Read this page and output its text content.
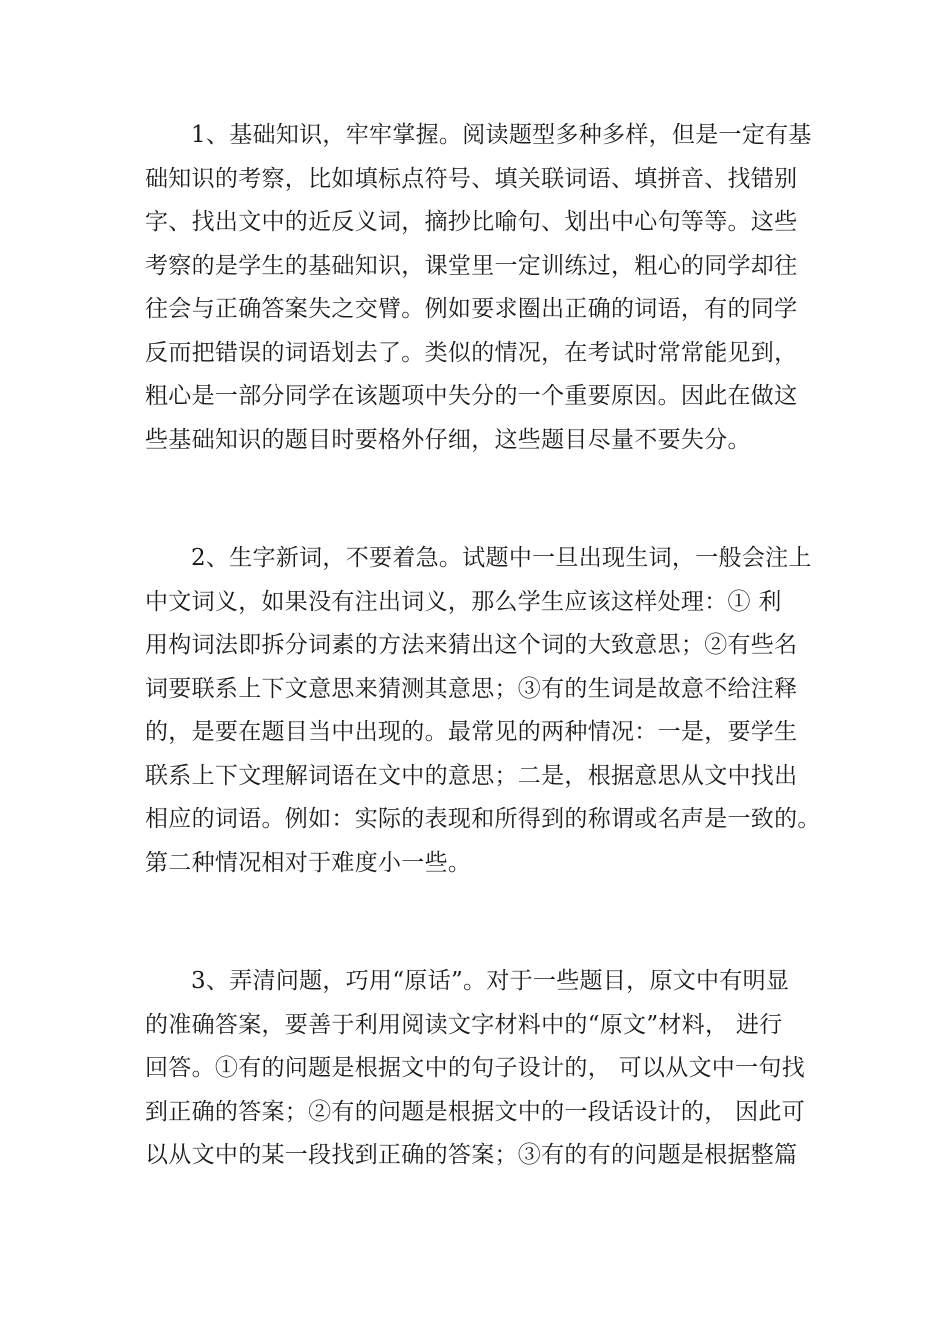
1、基础知识，牢牢掌握。阅读题型多种多样，但是一定有基
础知识的考察，比如填标点符号、填关联词语、填拼音、找错别
字、找出文中的近反义词，摘抄比喻句、划出中心句等等。这些
考察的是学生的基础知识，课堂里一定训练过，粗心的同学却往
往会与正确答案失之交臂。例如要求圈出正确的词语，有的同学
反而把错误的词语划去了。类似的情况，在考试时常常能见到，
粗心是一部分同学在该题项中失分的一个重要原因。因此在做这
些基础知识的题目时要格外仔细，这些题目尽量不要失分。

2、生字新词，不要着急。试题中一旦出现生词，一般会注上
中文词义，如果没有注出词义，那么学生应该这样处理：① 利
用构词法即拆分词素的方法来猜出这个词的大致意思；②有些名
词要联系上下文意思来猜测其意思；③有的生词是故意不给注释
的，是要在题目当中出现的。最常见的两种情况：一是，要学生
联系上下文理解词语在文中的意思；二是，根据意思从文中找出
相应的词语。例如：实际的表现和所得到的称谓或名声是一致的。
第二种情况相对于难度小一些。

3、弄清问题，巧用“原话”。对于一些题目，原文中有明显
的准确答案，要善于利用阅读文字材料中的“原文”材料， 进行
回答。①有的问题是根据文中的句子设计的， 可以从文中一句找
到正确的答案；②有的问题是根据文中的一段话设计的， 因此可
以从文中的某一段找到正确的答案；③有的有的问题是根据整篇
